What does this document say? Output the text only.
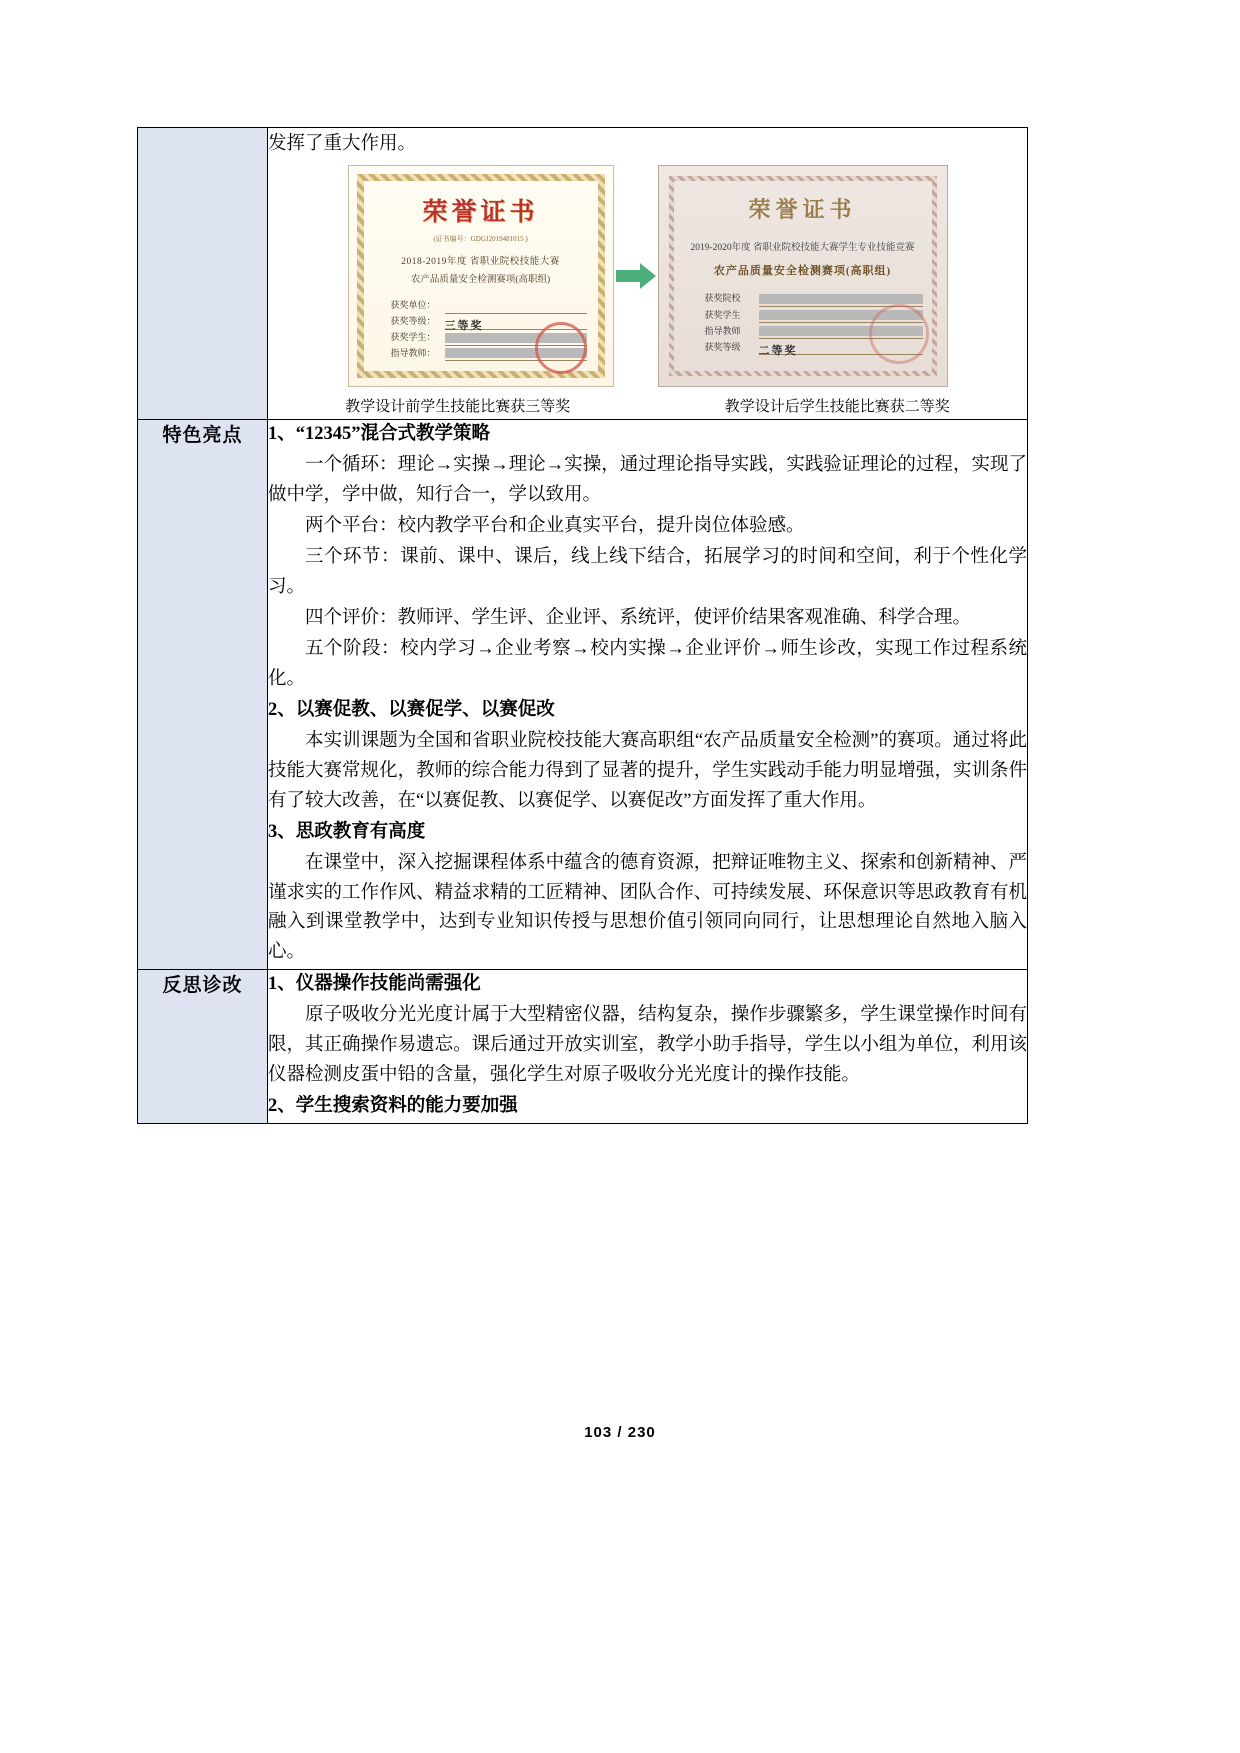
发挥了重大作用。
荣誉证书
(证书编号：GDGJ2019481015 )
2018-2019年度 省职业院校技能大赛
农产品质量安全检测赛项(高职组)
获奖单位：
获奖等级： 三等奖
获奖学生：
指导教师：
荣誉证书
2019-2020年度 省职业院校技能大赛学生专业技能竞赛
农产品质量安全检测赛项(高职组)
获奖院校
获奖学生
指导教师
获奖等级	二等奖
教学设计前学生技能比赛获三等奖	教学设计后学生技能比赛获二等奖

特色亮点	1、“12345”混合式教学策略
一个循环：理论→实操→理论→实操，通过理论指导实践，实践验证理论的过程，实现了做中学，学中做，知行合一，学以致用。
两个平台：校内教学平台和企业真实平台，提升岗位体验感。
三个环节：课前、课中、课后，线上线下结合，拓展学习的时间和空间，利于个性化学习。
四个评价：教师评、学生评、企业评、系统评，使评价结果客观准确、科学合理。
五个阶段：校内学习→企业考察→校内实操→企业评价→师生诊改，实现工作过程系统化。
2、以赛促教、以赛促学、以赛促改
本实训课题为全国和省职业院校技能大赛高职组“农产品质量安全检测”的赛项。通过将此技能大赛常规化，教师的综合能力得到了显著的提升，学生实践动手能力明显增强，实训条件有了较大改善，在“以赛促教、以赛促学、以赛促改”方面发挥了重大作用。
3、思政教育有高度
在课堂中，深入挖掘课程体系中蕴含的德育资源，把辩证唯物主义、探索和创新精神、严谨求实的工作作风、精益求精的工匠精神、团队合作、可持续发展、环保意识等思政教育有机融入到课堂教学中，达到专业知识传授与思想价值引领同向同行，让思想理论自然地入脑入心。

反思诊改	1、仪器操作技能尚需强化
原子吸收分光光度计属于大型精密仪器，结构复杂，操作步骤繁多，学生课堂操作时间有限，其正确操作易遗忘。课后通过开放实训室，教学小助手指导，学生以小组为单位，利用该仪器检测皮蛋中铅的含量，强化学生对原子吸收分光光度计的操作技能。
2、学生搜索资料的能力要加强
103 / 230
